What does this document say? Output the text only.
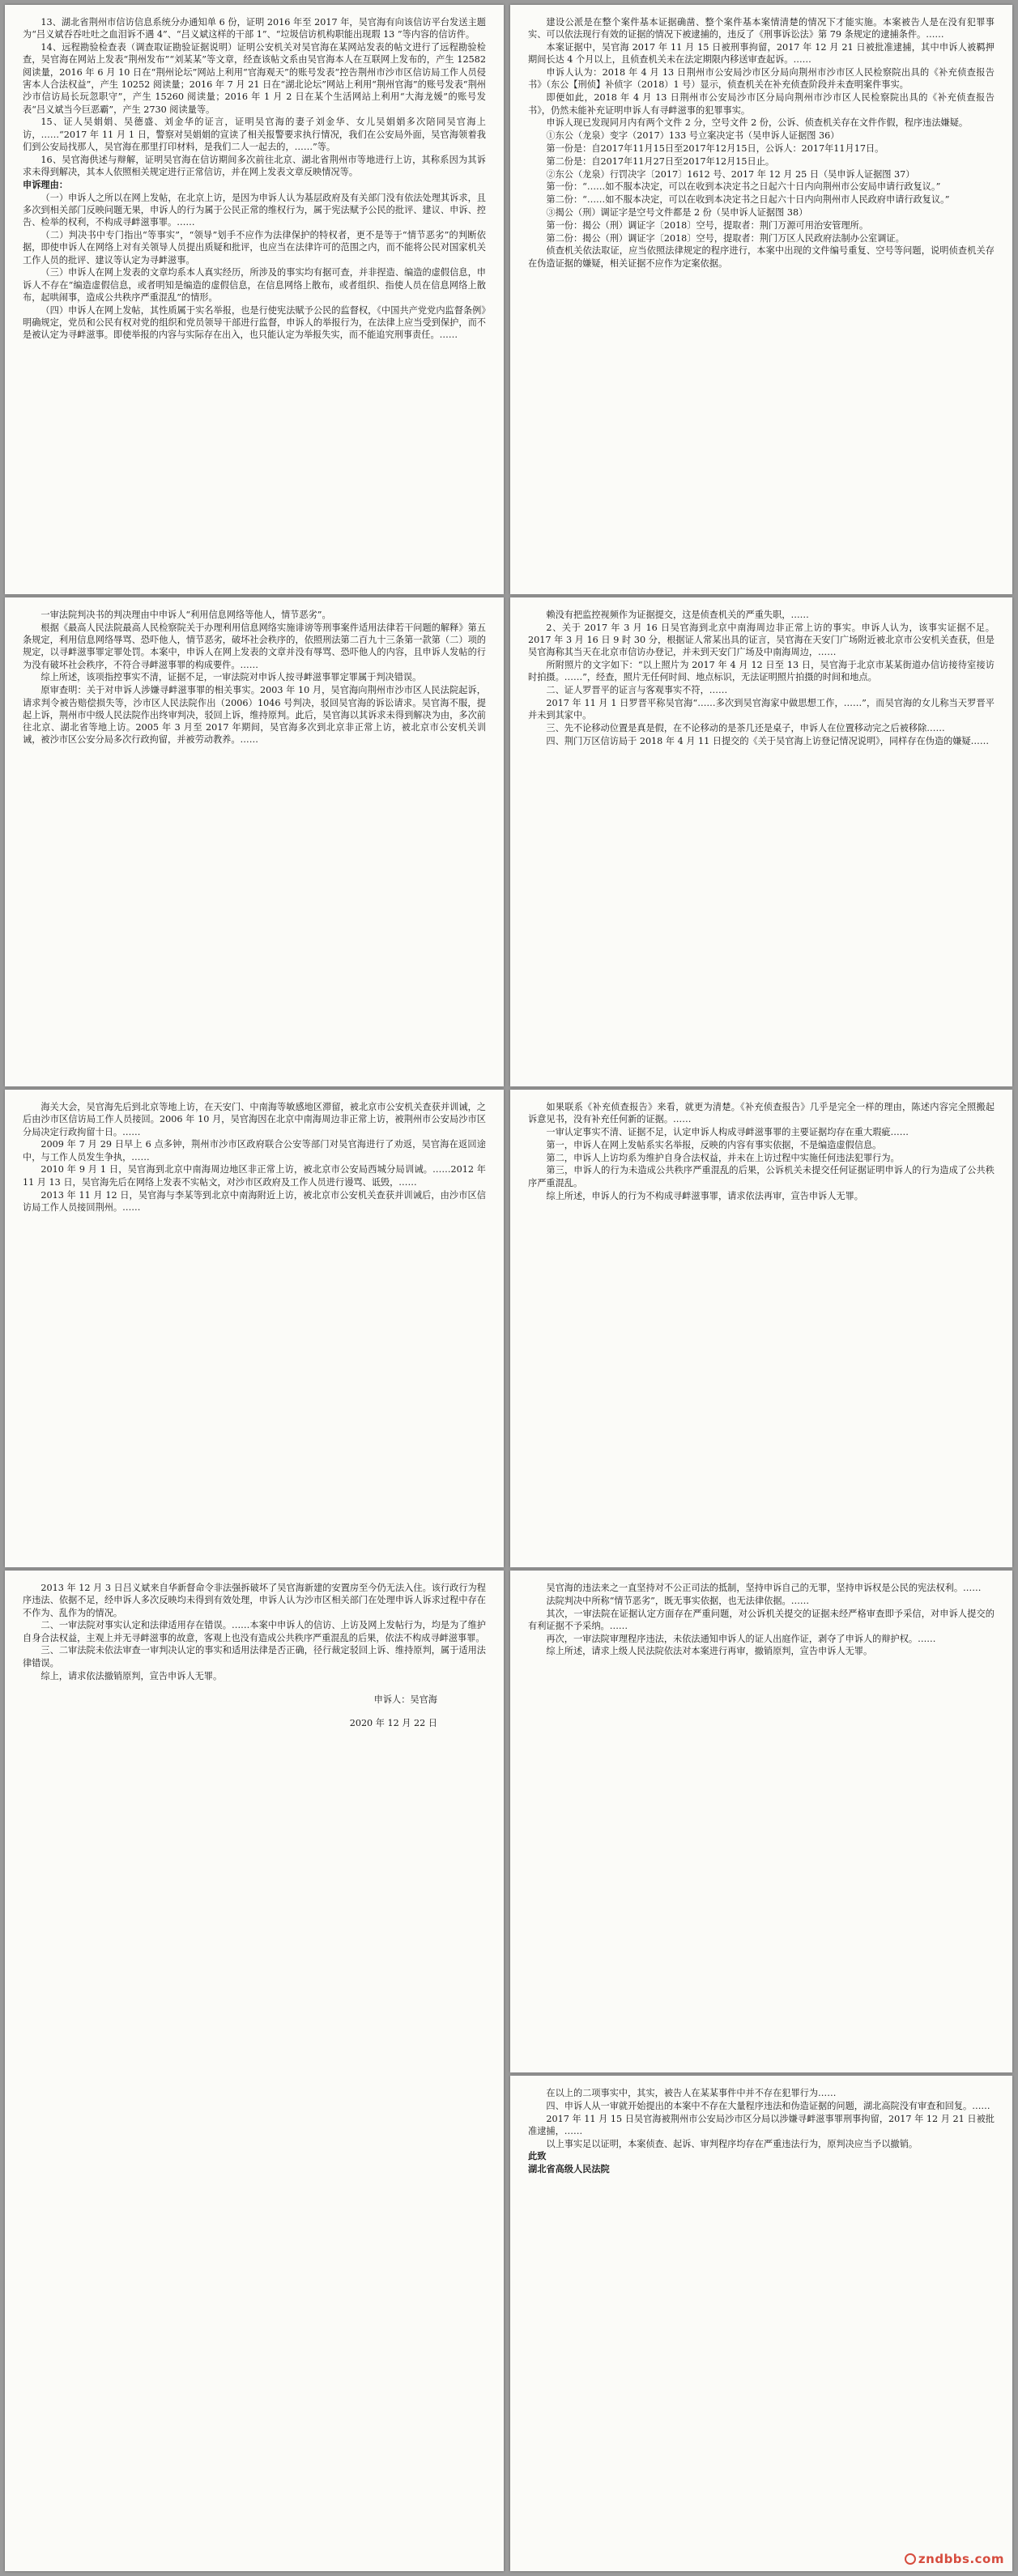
13、湖北省荆州市信访信息系统分办通知单 6 份，证明 2016 年至 2017 年，吴官海有向该信访平台发送主题为“吕义斌吞吞吐吐之血泪诉不遇 4”、“吕义斌这样的干部 1”、“垃圾信访机构职能出现瑕 13 ”等内容的信访件。

14、远程勘验检查表（调查取证勘验证据说明）证明公安机关对吴官海在某网站发表的帖文进行了远程勘验检查，吴官海在网站上发表“荆州发布”“刘某某”等文章，经查该帖文系由吴官海本人在互联网上发布的，产生 12582 阅读量，2016 年 6 月 10 日在“荆州论坛”网站上利用“官海观天”的账号发表“控告荆州市沙市区信访局工作人员侵害本人合法权益”，产生 10252 阅读量；2016 年 7 月 21 日在“湖北论坛”网站上利用“荆州官海”的账号发表“荆州沙市信访局长玩忽职守”，产生 15260 阅读量；2016 年 1 月 2 日在某个生活网站上利用“大海龙媛”的账号发表“吕义斌当今巨恶霸”，产生 2730 阅读量等。

15、证人吴娟娟、吴德盛、刘金华的证言，证明吴官海的妻子刘金华、女儿吴娟娟多次陪同吴官海上访，……“2017 年 11 月 1 日，警察对吴娟娟的宣读了相关报警要求执行情况，我们在公安局外面，吴官海领着我们到公安局找那人，吴官海在那里打印材料，是我们二人一起去的，……”等。

16、吴官海供述与辩解，证明吴官海在信访期间多次前往北京、湖北省荆州市等地进行上访，其称系因为其诉求未得到解决，其本人依照相关规定进行正常信访，并在网上发表文章反映情况等。

申诉理由：

（一）申诉人之所以在网上发帖，在北京上访，是因为申诉人认为基层政府及有关部门没有依法处理其诉求，且多次到相关部门反映问题无果，申诉人的行为属于公民正常的维权行为，属于宪法赋予公民的批评、建议、申诉、控告、检举的权利，不构成寻衅滋事罪。……

（二）判决书中专门指出“等事实”，“领导”划手不应作为法律保护的特权者，更不是等于“情节恶劣”的判断依据，即使申诉人在网络上对有关领导人员提出质疑和批评，也应当在法律许可的范围之内，而不能将公民对国家机关工作人员的批评、建议等认定为寻衅滋事。

（三）申诉人在网上发表的文章均系本人真实经历，所涉及的事实均有据可查，并非捏造、编造的虚假信息，申诉人不存在“编造虚假信息，或者明知是编造的虚假信息，在信息网络上散布，或者组织、指使人员在信息网络上散布，起哄闹事，造成公共秩序严重混乱”的情形。

（四）申诉人在网上发帖，其性质属于实名举报，也是行使宪法赋予公民的监督权，《中国共产党党内监督条例》明确规定，党员和公民有权对党的组织和党员领导干部进行监督，申诉人的举报行为，在法律上应当受到保护，而不是被认定为寻衅滋事。即使举报的内容与实际存在出入，也只能认定为举报失实，而不能追究刑事责任。……

一审法院判决书的判决理由中申诉人“利用信息网络等他人，情节恶劣”。

根据《最高人民法院最高人民检察院关于办理利用信息网络实施诽谤等刑事案件适用法律若干问题的解释》第五条规定，利用信息网络辱骂、恐吓他人，情节恶劣，破坏社会秩序的，依照刑法第二百九十三条第一款第（二）项的规定，以寻衅滋事罪定罪处罚。本案中，申诉人在网上发表的文章并没有辱骂、恐吓他人的内容，且申诉人发帖的行为没有破坏社会秩序，不符合寻衅滋事罪的构成要件。……

综上所述，该项指控事实不清，证据不足，一审法院对申诉人按寻衅滋事罪定罪属于判决错误。

原审查明：关于对申诉人涉嫌寻衅滋事罪的相关事实。2003 年 10 月，吴官海向荆州市沙市区人民法院起诉，请求判令被告赔偿损失等，沙市区人民法院作出（2006）1046 号判决，驳回吴官海的诉讼请求。吴官海不服，提起上诉，荆州市中级人民法院作出终审判决，驳回上诉，维持原判。此后，吴官海以其诉求未得到解决为由，多次前往北京、湖北省等地上访。2005 年 3 月至 2017 年期间，吴官海多次到北京非正常上访，被北京市公安机关训诫，被沙市区公安分局多次行政拘留，并被劳动教养。……

海关大会，吴官海先后到北京等地上访，在天安门、中南海等敏感地区滞留，被北京市公安机关查获并训诫，之后由沙市区信访局工作人员接回。2006 年 10 月，吴官海因在北京中南海周边非正常上访，被荆州市公安局沙市区分局决定行政拘留十日。……

2009 年 7 月 29 日早上 6 点多钟，荆州市沙市区政府联合公安等部门对吴官海进行了劝返，吴官海在返回途中，与工作人员发生争执，……

2010 年 9 月 1 日，吴官海到北京中南海周边地区非正常上访，被北京市公安局西城分局训诫。……2012 年 11 月 13 日，吴官海先后在网络上发表不实帖文，对沙市区政府及工作人员进行谩骂、诋毁，……

2013 年 11 月 12 日，吴官海与李某等到北京中南海附近上访，被北京市公安机关查获并训诫后，由沙市区信访局工作人员接回荆州。……

2013 年 12 月 3 日吕义斌来自华新督命令非法强拆破坏了吴官海新建的安置房至今仍无法入住。该行政行为程序违法、依据不足，经申诉人多次反映均未得到有效处理，申诉人认为沙市区相关部门在处理申诉人诉求过程中存在不作为、乱作为的情况。

二、一审法院对事实认定和法律适用存在错误。……本案中申诉人的信访、上访及网上发帖行为，均是为了维护自身合法权益，主观上并无寻衅滋事的故意，客观上也没有造成公共秩序严重混乱的后果，依法不构成寻衅滋事罪。

三、二审法院未依法审查一审判决认定的事实和适用法律是否正确，径行裁定驳回上诉、维持原判，属于适用法律错误。

综上，请求依法撤销原判，宣告申诉人无罪。

申诉人：吴官海

2020 年 12 月 22 日

建设公派是在整个案件基本证据确凿、整个案件基本案情清楚的情况下才能实施。本案被告人是在没有犯罪事实、可以依法现行有效的证据的情况下被逮捕的，违反了《刑事诉讼法》第 79 条规定的逮捕条件。……

本案证据中，吴官海 2017 年 11 月 15 日被刑事拘留，2017 年 12 月 21 日被批准逮捕，其中申诉人被羁押期间长达 4 个月以上，且侦查机关未在法定期限内移送审查起诉。……

申诉人认为：2018 年 4 月 13 日荆州市公安局沙市区分局向荆州市沙市区人民检察院出具的《补充侦查报告书》（东公【刑侦】补侦字（2018）1 号）显示，侦查机关在补充侦查阶段并未查明案件事实。

即便如此，2018 年 4 月 13 日荆州市公安局沙市区分局向荆州市沙市区人民检察院出具的《补充侦查报告书》，仍然未能补充证明申诉人有寻衅滋事的犯罪事实。

申诉人现已发现同月内有两个文件 2 分，空号文件 2 份，公诉、侦查机关存在文件作假，程序违法嫌疑。

①东公（龙泉）变字（2017）133 号立案决定书（吴申诉人证据图 36）

第一份是：自2017年11月15日至2017年12月15日，公诉人：2017年11月17日。

第二份是：自2017年11月27日至2017年12月15日止。

②东公（龙泉）行罚决字〔2017〕1612 号、2017 年 12 月 25 日（吴申诉人证据图 37）

第一份：“……如不服本决定，可以在收到本决定书之日起六十日内向荆州市公安局申请行政复议。”

第二份：“……如不服本决定，可以在收到本决定书之日起六十日内向荆州市人民政府申请行政复议。”

③揭公（刑）调证字是空号文件都是 2 份（吴申诉人证据图 38）

第一份：揭公（刑）调证字〔2018〕空号，提取者：荆门万源可用治安管理所。

第二份：揭公（刑）调证字〔2018〕空号，提取者：荆门万区人民政府法制办公室调证。

侦查机关依法取证，应当依照法律规定的程序进行，本案中出现的文件编号重复、空号等问题，说明侦查机关存在伪造证据的嫌疑，相关证据不应作为定案依据。

赖没有把监控视频作为证据提交，这是侦查机关的严重失职，……

2、关于 2017 年 3 月 16 日吴官海到北京中南海周边非正常上访的事实。申诉人认为，该事实证据不足。2017 年 3 月 16 日 9 时 30 分，根据证人常某出具的证言，吴官海在天安门广场附近被北京市公安机关查获，但是吴官海称其当天在北京市信访办登记，并未到天安门广场及中南海周边，……

所附照片的文字如下：“以上照片为 2017 年 4 月 12 日至 13 日，吴官海于北京市某某街道办信访接待室接访时拍摄。……”，经查，照片无任何时间、地点标识，无法证明照片拍摄的时间和地点。

二、证人罗晋平的证言与客观事实不符，……

2017 年 11 月 1 日罗晋平称吴官海“……多次到吴官海家中做思想工作，……”，而吴官海的女儿称当天罗晋平并未到其家中。

三、先不论移动位置是真是假，在不论移动的是茶几还是桌子，申诉人在位置移动完之后被移除……

四、荆门万区信访局于 2018 年 4 月 11 日提交的《关于吴官海上访登记情况说明》，同样存在伪造的嫌疑……

如果联系《补充侦查报告》来看，就更为清楚。《补充侦查报告》几乎是完全一样的理由，陈述内容完全照搬起诉意见书，没有补充任何新的证据。……

一审认定事实不清、证据不足，认定申诉人构成寻衅滋事罪的主要证据均存在重大瑕疵……

第一，申诉人在网上发帖系实名举报，反映的内容有事实依据，不是编造虚假信息。

第二，申诉人上访均系为维护自身合法权益，并未在上访过程中实施任何违法犯罪行为。

第三，申诉人的行为未造成公共秩序严重混乱的后果，公诉机关未提交任何证据证明申诉人的行为造成了公共秩序严重混乱。

综上所述，申诉人的行为不构成寻衅滋事罪，请求依法再审，宣告申诉人无罪。

吴官海的违法来之一直坚持对不公正司法的抵制，坚持申诉自己的无罪，坚持申诉权是公民的宪法权利。……

法院判决中所称“情节恶劣”，既无事实依据，也无法律依据。……

其次，一审法院在证据认定方面存在严重问题，对公诉机关提交的证据未经严格审查即予采信，对申诉人提交的有利证据不予采纳。……

再次，一审法院审理程序违法，未依法通知申诉人的证人出庭作证，剥夺了申诉人的辩护权。……

综上所述，请求上级人民法院依法对本案进行再审，撤销原判，宣告申诉人无罪。

在以上的二项事实中，其实，被告人在某某事件中并不存在犯罪行为……

四、申诉人从一审就开始提出的本案中不存在大量程序违法和伪造证据的问题，湖北高院没有审查和回复。……

2017 年 11 月 15 日吴官海被荆州市公安局沙市区分局以涉嫌寻衅滋事罪刑事拘留，2017 年 12 月 21 日被批准逮捕，……

以上事实足以证明，本案侦查、起诉、审判程序均存在严重违法行为，原判决应当予以撤销。

此致

湖北省高级人民法院

zndbbs.com
